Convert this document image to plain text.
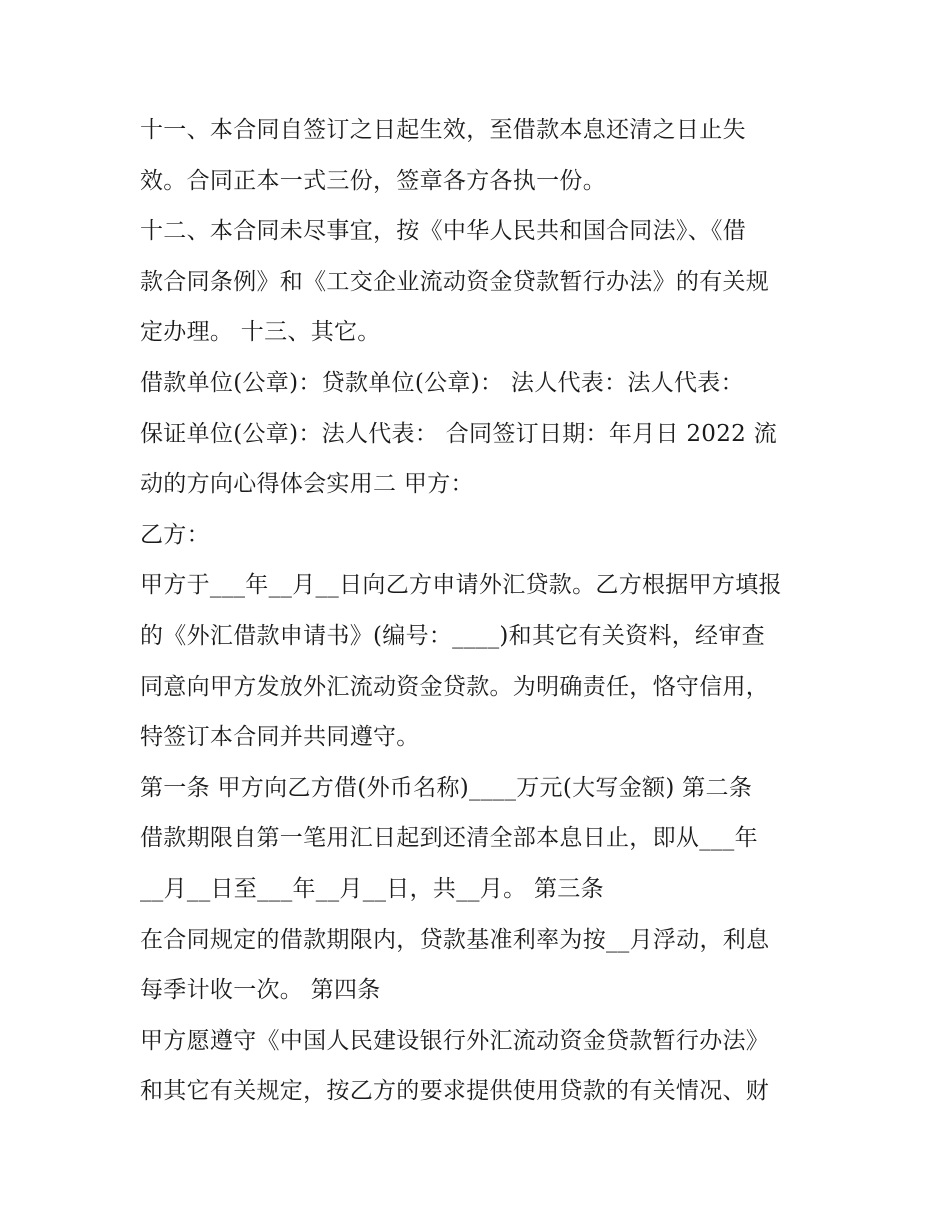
十一、本合同自签订之日起生效，至借款本息还清之日止失
效。合同正本一式三份，签章各方各执一份。
十二、本合同未尽事宜，按《中华人民共和国合同法》、《借
款合同条例》和《工交企业流动资金贷款暂行办法》的有关规
定办理。 十三、其它。
借款单位(公章)：贷款单位(公章)： 法人代表：法人代表：
保证单位(公章)：法人代表： 合同签订日期：年月日 2022 流
动的方向心得体会实用二 甲方：
乙方：
甲方于___年__月__日向乙方申请外汇贷款。乙方根据甲方填报
的《外汇借款申请书》(编号：____)和其它有关资料，经审查
同意向甲方发放外汇流动资金贷款。为明确责任，恪守信用，
特签订本合同并共同遵守。
第一条 甲方向乙方借(外币名称)____万元(大写金额) 第二条
借款期限自第一笔用汇日起到还清全部本息日止，即从___年
__月__日至___年__月__日，共__月。 第三条
在合同规定的借款期限内，贷款基准利率为按__月浮动，利息
每季计收一次。 第四条
甲方愿遵守《中国人民建设银行外汇流动资金贷款暂行办法》
和其它有关规定，按乙方的要求提供使用贷款的有关情况、财
